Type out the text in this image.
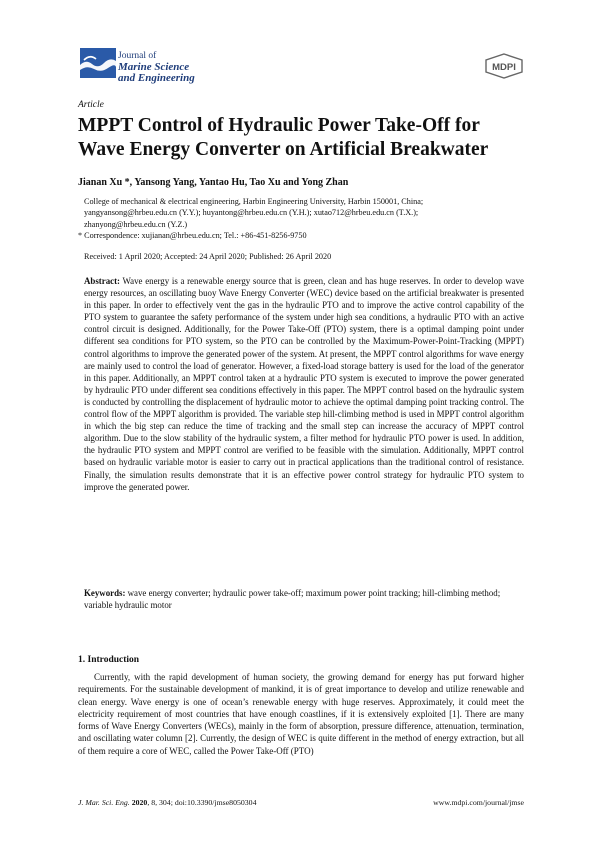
Journal of
Marine Science
and Engineering
MDPI
Article
MPPT Control of Hydraulic Power Take-Off for Wave Energy Converter on Artificial Breakwater
Jianan Xu *, Yansong Yang, Yantao Hu, Tao Xu and Yong Zhan
College of mechanical & electrical engineering, Harbin Engineering University, Harbin 150001, China;
yangyansong@hrbeu.edu.cn (Y.Y.); huyantong@hrbeu.edu.cn (Y.H.); xutao712@hrbeu.edu.cn (T.X.);
zhanyong@hrbeu.edu.cn (Y.Z.)
* Correspondence: xujianan@hrbeu.edu.cn; Tel.: +86-451-8256-9750
Received: 1 April 2020; Accepted: 24 April 2020; Published: 26 April 2020

Abstract: Wave energy is a renewable energy source that is green, clean and has huge reserves. In order to develop wave energy resources, an oscillating buoy Wave Energy Converter (WEC) device based on the artificial breakwater is presented in this paper. In order to effectively vent the gas in the hydraulic PTO and to improve the active control capability of the PTO system to guarantee the safety performance of the system under high sea conditions, a hydraulic PTO with an active control circuit is designed. Additionally, for the Power Take-Off (PTO) system, there is a optimal damping point under different sea conditions for PTO system, so the PTO can be controlled by the Maximum-Power-Point-Tracking (MPPT) control algorithms to improve the generated power of the system. At present, the MPPT control algorithms for wave energy are mainly used to control the load of generator. However, a fixed-load storage battery is used for the load of the generator in this paper. Additionally, an MPPT control taken at a hydraulic PTO system is executed to improve the power generated by hydraulic PTO under different sea conditions effectively in this paper. The MPPT control based on the hydraulic system is conducted by controlling the displacement of hydraulic motor to achieve the optimal damping point tracking control. The control flow of the MPPT algorithm is provided. The variable step hill-climbing method is used in MPPT control algorithm in which the big step can reduce the time of tracking and the small step can increase the accuracy of MPPT control algorithm. Due to the slow stability of the hydraulic system, a filter method for hydraulic PTO power is used. In addition, the hydraulic PTO system and MPPT control are verified to be feasible with the simulation. Additionally, MPPT control based on hydraulic variable motor is easier to carry out in practical applications than the traditional control of resistance. Finally, the simulation results demonstrate that it is an effective power control strategy for hydraulic PTO system to improve the generated power.

Keywords: wave energy converter; hydraulic power take-off; maximum power point tracking; hill-climbing method; variable hydraulic motor

1. Introduction

Currently, with the rapid development of human society, the growing demand for energy has put forward higher requirements. For the sustainable development of mankind, it is of great importance to develop and utilize renewable and clean energy. Wave energy is one of ocean’s renewable energy with huge reserves. Approximately, it could meet the electricity requirement of most countries that have enough coastlines, if it is extensively exploited [1]. There are many forms of Wave Energy Converters (WECs), mainly in the form of absorption, pressure difference, attenuation, termination, and oscillating water column [2]. Currently, the design of WEC is quite different in the method of energy extraction, but all of them require a core of WEC, called the Power Take-Off (PTO)

J. Mar. Sci. Eng. 2020, 8, 304; doi:10.3390/jmse8050304	www.mdpi.com/journal/jmse
